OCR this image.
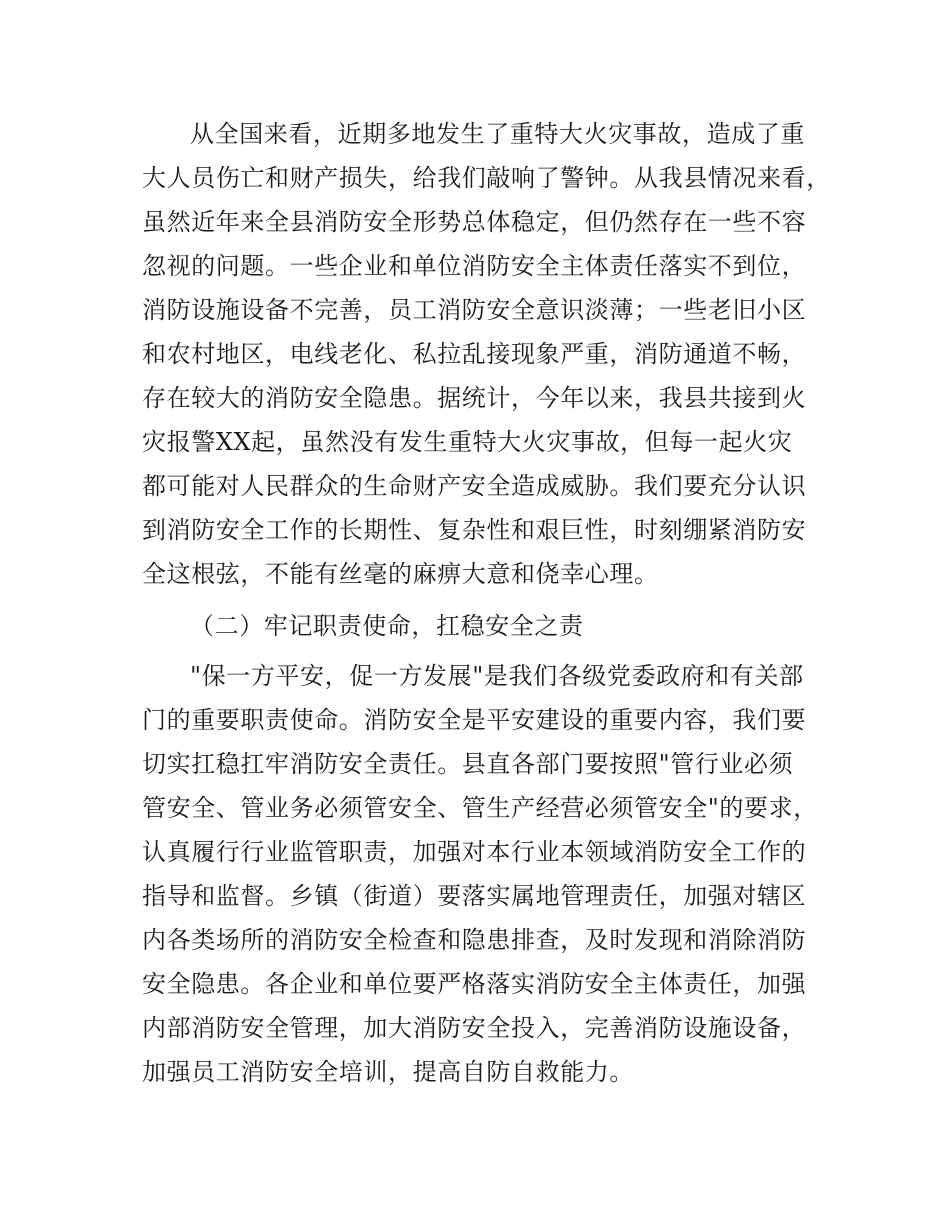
从全国来看，近期多地发生了重特大火灾事故，造成了重
大人员伤亡和财产损失，给我们敲响了警钟。从我县情况来看，
虽然近年来全县消防安全形势总体稳定，但仍然存在一些不容
忽视的问题。一些企业和单位消防安全主体责任落实不到位，
消防设施设备不完善，员工消防安全意识淡薄；一些老旧小区
和农村地区，电线老化、私拉乱接现象严重，消防通道不畅，
存在较大的消防安全隐患。据统计，今年以来，我县共接到火
灾报警XX起，虽然没有发生重特大火灾事故，但每一起火灾
都可能对人民群众的生命财产安全造成威胁。我们要充分认识
到消防安全工作的长期性、复杂性和艰巨性，时刻绷紧消防安
全这根弦，不能有丝毫的麻痹大意和侥幸心理。
（二）牢记职责使命，扛稳安全之责
"保一方平安，促一方发展"是我们各级党委政府和有关部
门的重要职责使命。消防安全是平安建设的重要内容，我们要
切实扛稳扛牢消防安全责任。县直各部门要按照"管行业必须
管安全、管业务必须管安全、管生产经营必须管安全"的要求，
认真履行行业监管职责，加强对本行业本领域消防安全工作的
指导和监督。乡镇（街道）要落实属地管理责任，加强对辖区
内各类场所的消防安全检查和隐患排查，及时发现和消除消防
安全隐患。各企业和单位要严格落实消防安全主体责任，加强
内部消防安全管理，加大消防安全投入，完善消防设施设备，
加强员工消防安全培训，提高自防自救能力。
